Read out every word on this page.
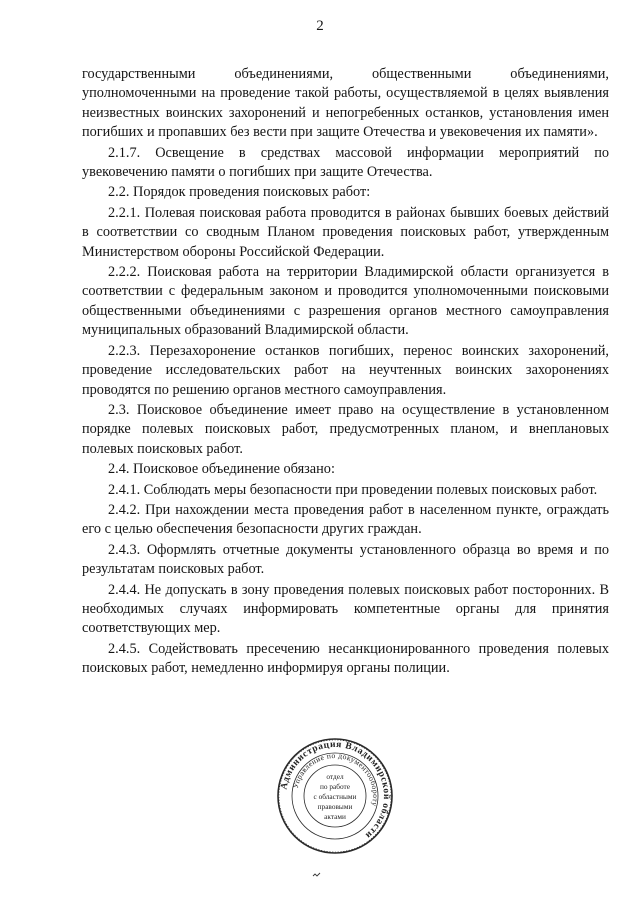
2

государственными объединениями, общественными объединениями, уполномоченными на проведение такой работы, осуществляемой в целях выявления неизвестных воинских захоронений и непогребенных останков, установления имен погибших и пропавших без вести при защите Отечества и увековечения их памяти».

2.1.7. Освещение в средствах массовой информации мероприятий по увековечению памяти о погибших при защите Отечества.

2.2. Порядок проведения поисковых работ:

2.2.1. Полевая поисковая работа проводится в районах бывших боевых действий в соответствии со сводным Планом проведения поисковых работ, утвержденным Министерством обороны Российской Федерации.

2.2.2. Поисковая работа на территории Владимирской области организуется в соответствии с федеральным законом и проводится уполномоченными поисковыми общественными объединениями с разрешения органов местного самоуправления муниципальных образований Владимирской области.

2.2.3. Перезахоронение останков погибших, перенос воинских захоронений, проведение исследовательских работ на неучтенных воинских захоронениях проводятся по решению органов местного самоуправления.

2.3. Поисковое объединение имеет право на осуществление в установленном порядке полевых поисковых работ, предусмотренных планом, и внеплановых полевых поисковых работ.

2.4. Поисковое объединение обязано:

2.4.1. Соблюдать меры безопасности при проведении полевых поисковых работ.

2.4.2. При нахождении места проведения работ в населенном пункте, ограждать его с целью обеспечения безопасности других граждан.

2.4.3. Оформлять отчетные документы установленного образца во время и по результатам поисковых работ.

2.4.4. Не допускать в зону проведения полевых поисковых работ посторонних. В необходимых случаях информировать компетентные органы для принятия соответствующих мер.

2.4.5. Содействовать пресечению несанкционированного проведения полевых поисковых работ, немедленно информируя органы полиции.

Администрация Владимирской области
Управление по документообороту
отдел
по работе
с областными
правовыми
актами
